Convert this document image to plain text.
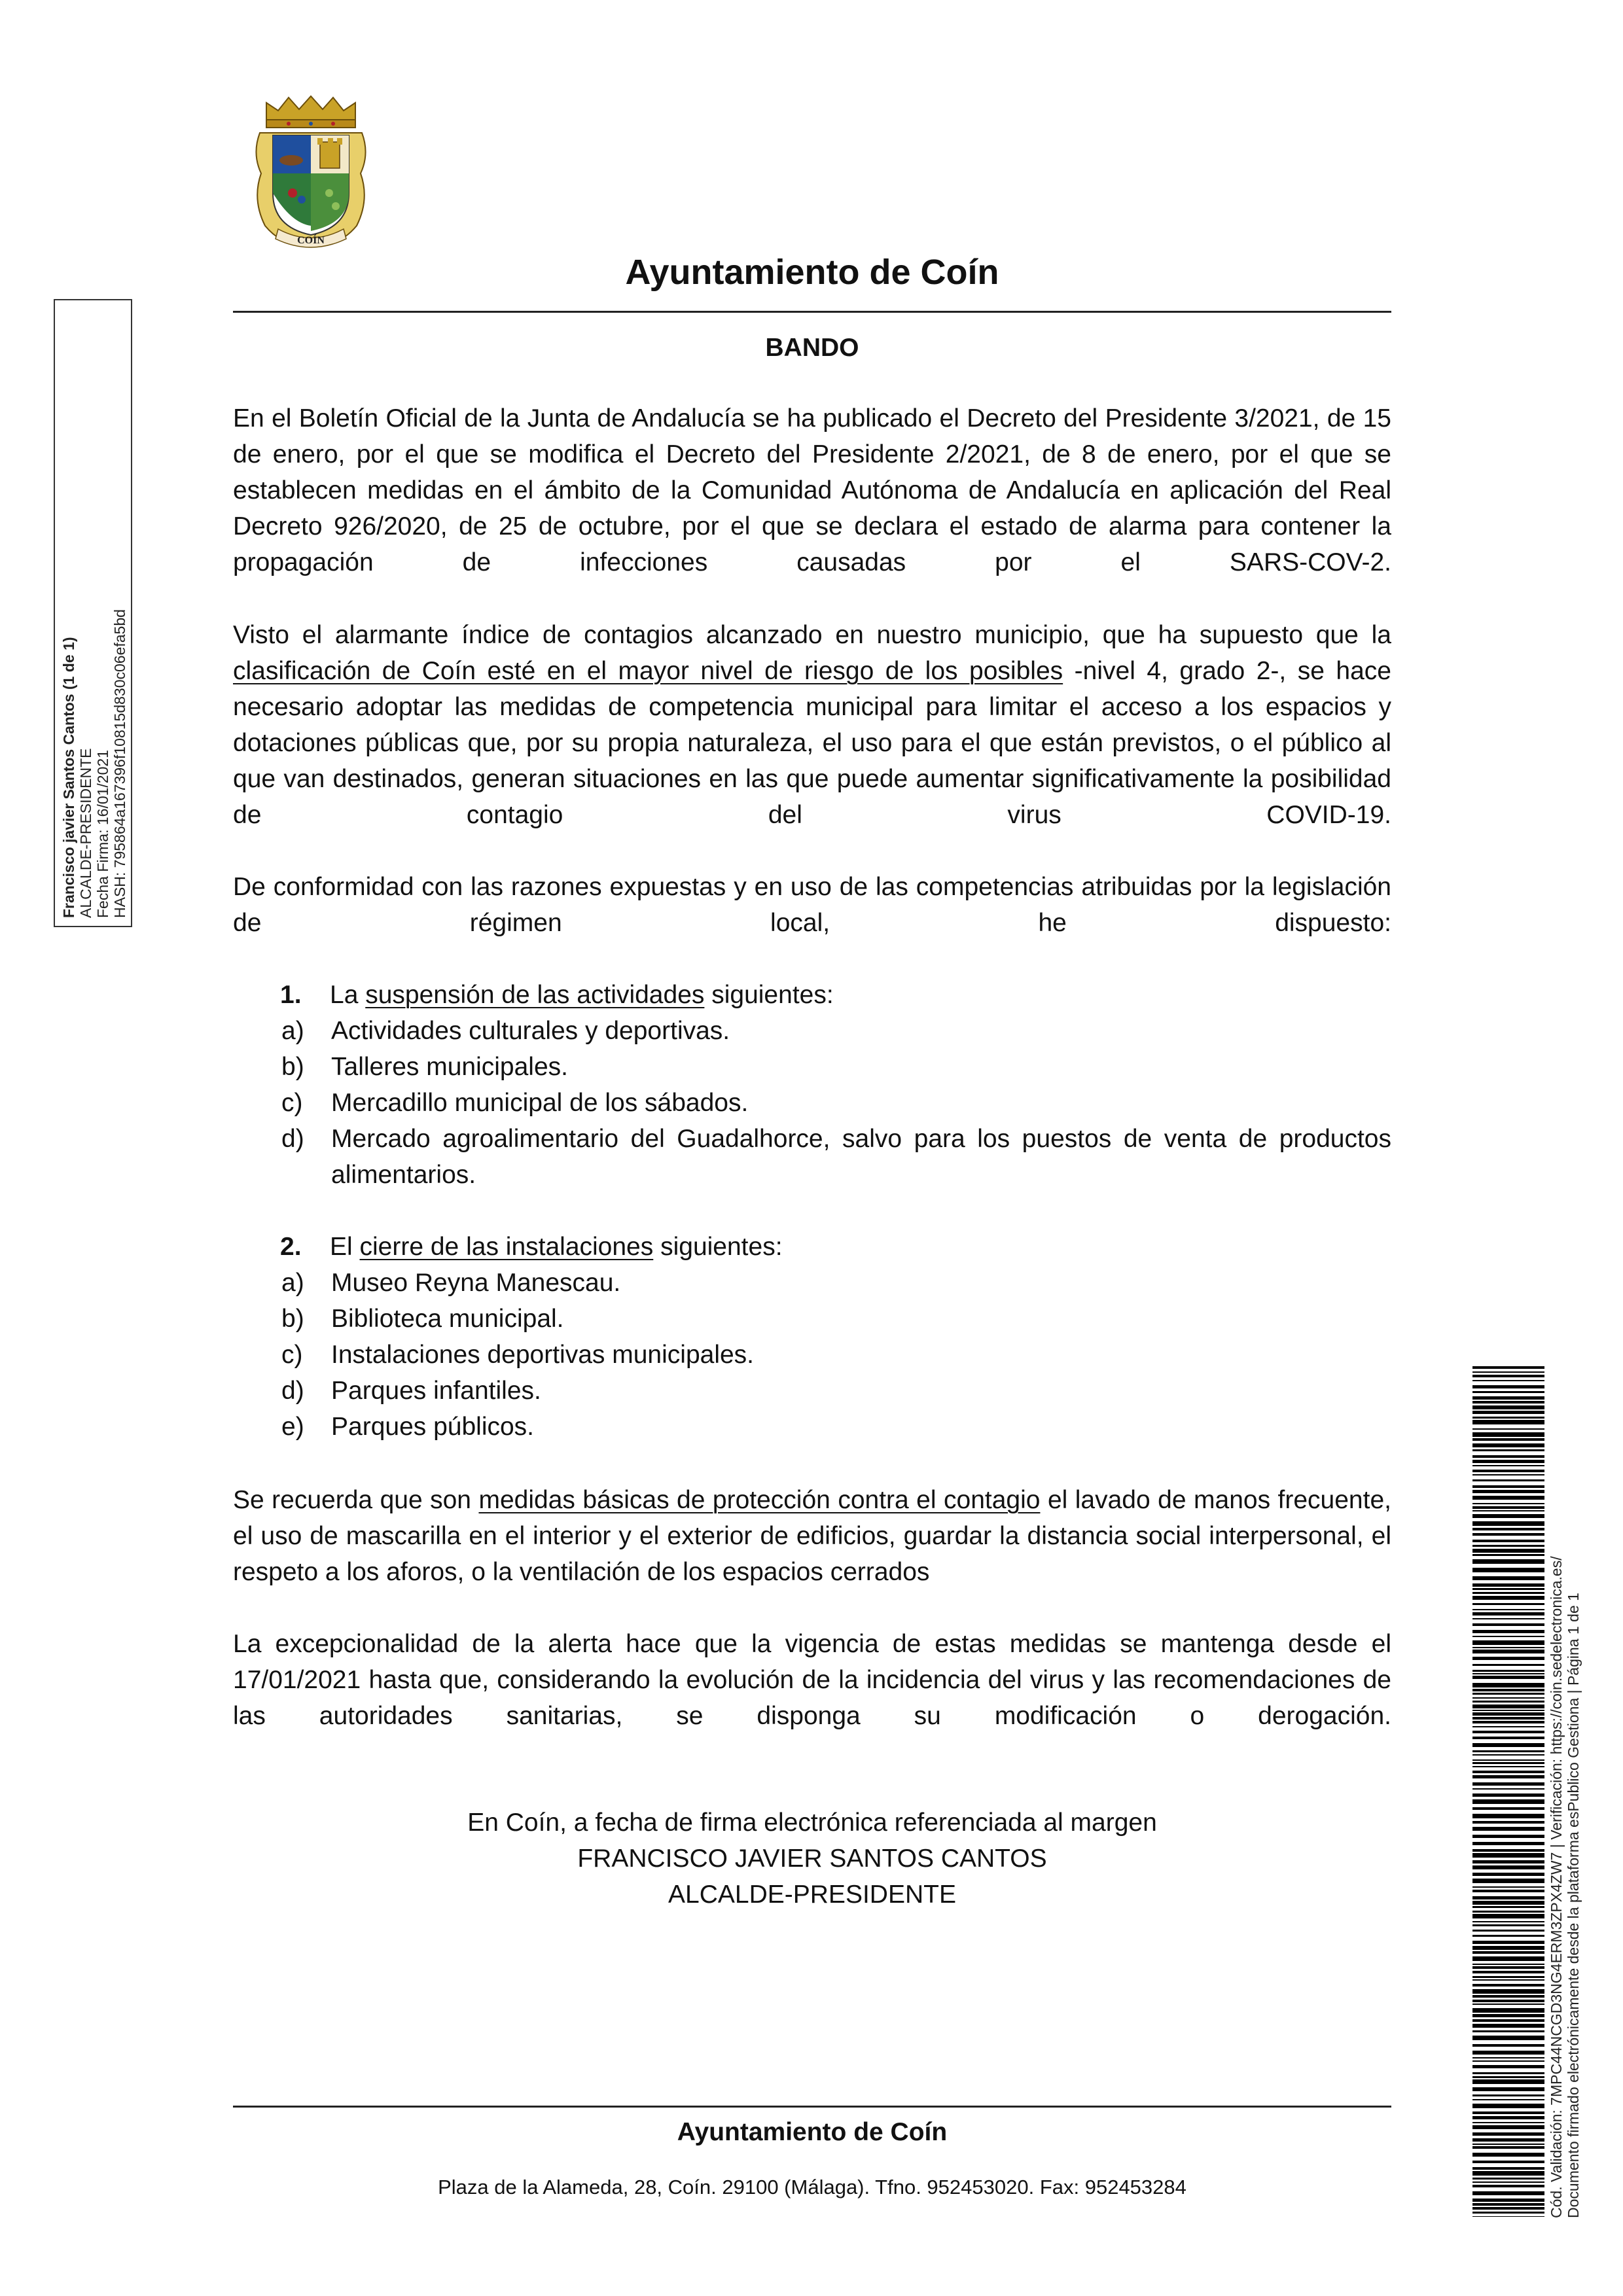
COÍN
Ayuntamiento de Coín
BANDO
En el Boletín Oficial de la Junta de Andalucía se ha publicado el Decreto del Presidente 3/2021, de 15 de enero, por el que se modifica el Decreto del Presidente 2/2021, de 8 de enero, por el que se establecen medidas en el ámbito de la Comunidad Autónoma de Andalucía en aplicación del Real Decreto 926/2020, de 25 de octubre, por el que se declara el estado de alarma para contener la propagación de infecciones causadas por el SARS-COV-2.
Visto el alarmante índice de contagios alcanzado en nuestro municipio, que ha supuesto que la clasificación de Coín esté en el mayor nivel de riesgo de los posibles -nivel 4, grado 2-, se hace necesario adoptar las medidas de competencia municipal para limitar el acceso a los espacios y dotaciones públicas que, por su propia naturaleza, el uso para el que están previstos, o el público al que van destinados, generan situaciones en las que puede aumentar significativamente la posibilidad de contagio del virus COVID-19.
De conformidad con las razones expuestas y en uso de las competencias atribuidas por la legislación de régimen local, he dispuesto:
1.	La suspensión de las actividades siguientes:
a)	Actividades culturales y deportivas.
b)	Talleres municipales.
c)	Mercadillo municipal de los sábados.
d)	Mercado agroalimentario del Guadalhorce, salvo para los puestos de venta de productos alimentarios.
2.	El cierre de las instalaciones siguientes:
a)	Museo Reyna Manescau.
b)	Biblioteca municipal.
c)	Instalaciones deportivas municipales.
d)	Parques infantiles.
e)	Parques públicos.
Se recuerda que son medidas básicas de protección contra el contagio el lavado de manos frecuente, el uso de mascarilla en el interior y el exterior de edificios, guardar la distancia social interpersonal, el respeto a los aforos, o la ventilación de los espacios cerrados
La excepcionalidad de la alerta hace que la vigencia de estas medidas se mantenga desde el 17/01/2021 hasta que, considerando la evolución de la incidencia del virus y las recomendaciones de las autoridades sanitarias, se disponga su modificación o derogación.
En Coín, a fecha de firma electrónica referenciada al margen
FRANCISCO JAVIER SANTOS CANTOS
ALCALDE-PRESIDENTE
Ayuntamiento de Coín
Plaza de la Alameda, 28, Coín. 29100 (Málaga). Tfno. 952453020. Fax: 952453284
Francisco javier Santos Cantos (1 de 1) ALCALDE-PRESIDENTE Fecha Firma: 16/01/2021 HASH: 795864a167396f10815d830c06efa5bd
Cód. Validación: 7MPC44NCGD3NG4ERM3ZPX4ZW7 | Verificación: https://coin.sedelectronica.es/ Documento firmado electrónicamente desde la plataforma esPublico Gestiona | Página 1 de 1
